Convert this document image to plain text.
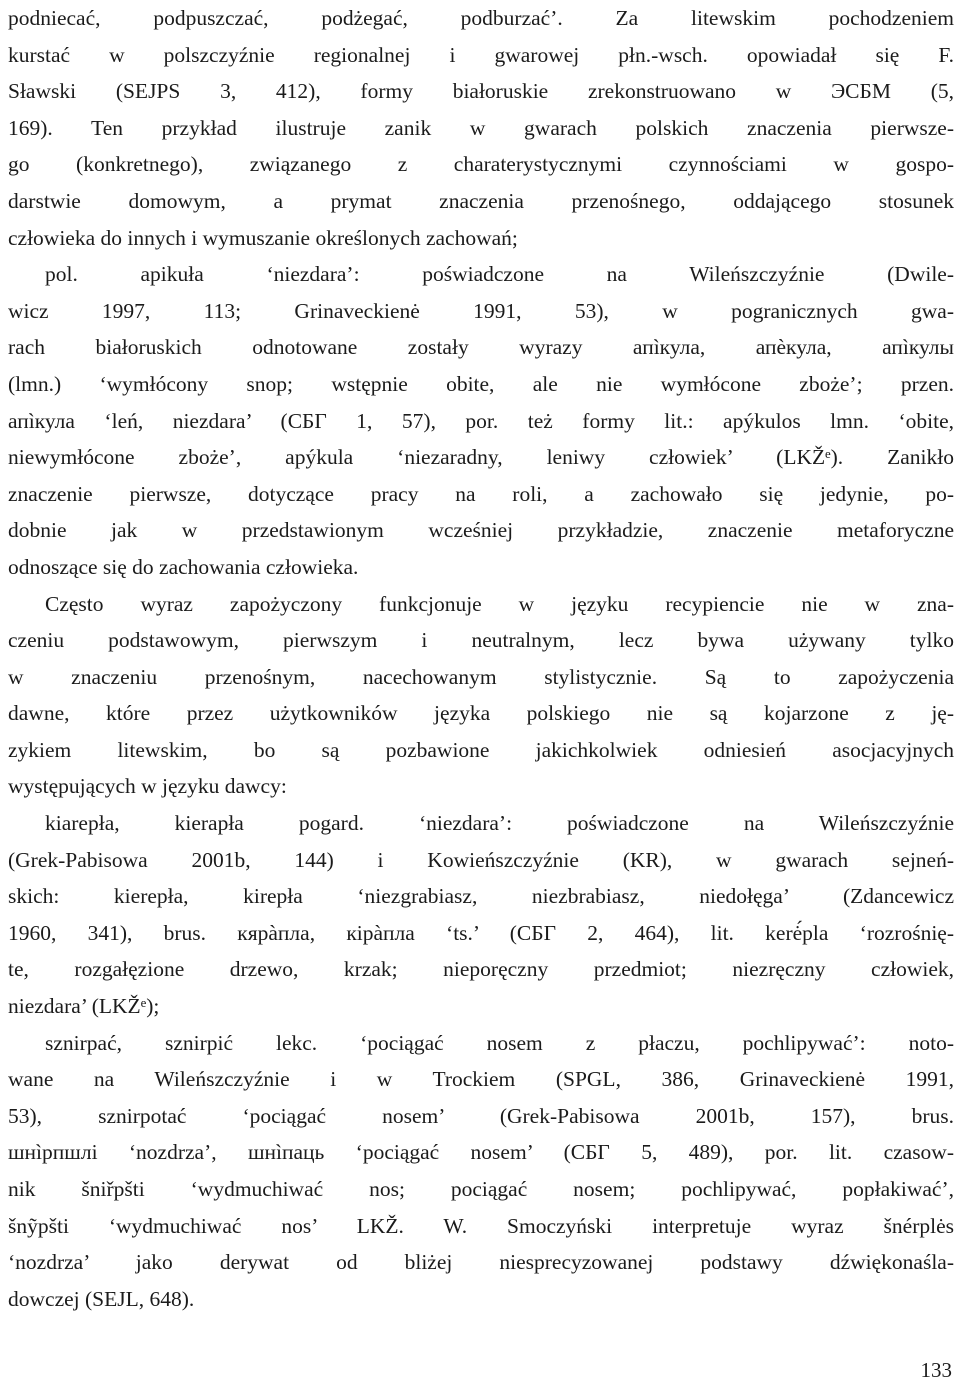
podniecać, podpuszczać, podżegać, podburzać’. Za litewskim pochodzeniem
kurstać w polszczyźnie regionalnej i gwarowej płn.-wsch. opowiadał się F.
Sławski (SEJPS 3, 412), formy białoruskie zrekonstruowano w ЭСБМ (5,
169). Ten przykład ilustruje zanik w gwarach polskich znaczenia pierwsze-
go (konkretnego), związanego z charaterystycznymi czynnościami w gospo-
darstwie domowym, a prymat znaczenia przenośnego, oddającego stosunek
człowieka do innych i wymuszanie określonych zachowań;
pol. apikuła ‘niezdara’: poświadczone na Wileńszczyźnie (Dwile-
wicz 1997, 113; Grinaveckienė 1991, 53), w pogranicznych gwa-
rach białoruskich odnotowane zostały wyrazy апìкула, апѐкула, апìкулы
(lmn.) ‘wymłócony snop; wstępnie obite, ale nie wymłócone zboże’; przen.
апìкула ‘leń, niezdara’ (СБГ 1, 57), por. też formy lit.: apýkulos lmn. ‘obite,
niewymłócone zboże’, apýkula ‘niezaradny, leniwy człowiek’ (LKŽᵉ). Zanikło
znaczenie pierwsze, dotyczące pracy na roli, a zachowało się jedynie, po-
dobnie jak w przedstawionym wcześniej przykładzie, znaczenie metaforyczne
odnoszące się do zachowania człowieka.
Często wyraz zapożyczony funkcjonuje w języku recypiencie nie w zna-
czeniu podstawowym, pierwszym i neutralnym, lecz bywa używany tylko
w znaczeniu przenośnym, nacechowanym stylistycznie. Są to zapożyczenia
dawne, które przez użytkowników języka polskiego nie są kojarzone z ję-
zykiem litewskim, bo są pozbawione jakichkolwiek odniesień asocjacyjnych
występujących w języku dawcy:
kiarepła, kierapła pogard. ‘niezdara’: poświadczone na Wileńszczyźnie
(Grek-Pabisowa 2001b, 144) i Kowieńszczyźnie (KR), w gwarach sejneń-
skich: kierepła, kirepła ‘niezgrabiasz, niezbrabiasz, niedołęga’ (Zdancewicz
1960, 341), brus. кярàпла, кірàпла ‘ts.’ (СБГ 2, 464), lit. kerė́pla ‘rozrośnię-
te, rozgałęzione drzewo, krzak; nieporęczny przedmiot; niezręczny człowiek,
niezdara’ (LKŽᵉ);
sznirpać, sznirpić lekc. ‘pociągać nosem z płaczu, pochlipywać’: noto-
wane na Wileńszczyźnie i w Trockiem (SPGL, 386, Grinaveckienė 1991,
53), sznirpotać ‘pociągać nosem’ (Grek-Pabisowa 2001b, 157), brus.
шнìрпшлі ‘nozdrza’, шнìпаць ‘pociągać nosem’ (СБГ 5, 489), por. lit. czasow-
nik šniřpšti ‘wydmuchiwać nos; pociągać nosem; pochlipywać, popłakiwać’,
šnỹpšti ‘wydmuchiwać nos’ LKŽ. W. Smoczyński interpretuje wyraz šnérplės
‘nozdrza’ jako derywat od bliżej niesprecyzowanej podstawy dźwiękonaśla-
dowczej (SEJL, 648).
133
